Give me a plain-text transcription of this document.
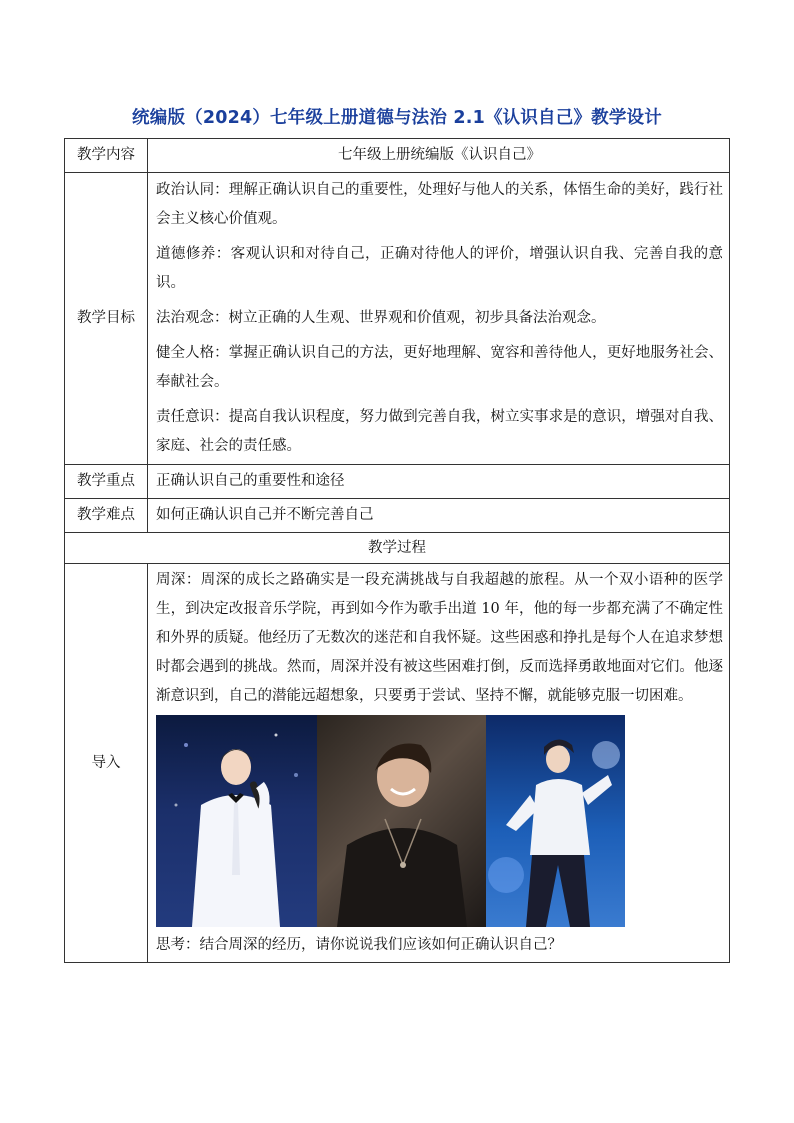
统编版（2024）七年级上册道德与法治 2.1《认识自己》教学设计
教学内容	七年级上册统编版《认识自己》
教学目标	政治认同：理解正确认识自己的重要性，处理好与他人的关系，体悟生命的美好，践行社会主义核心价值观。
道德修养：客观认识和对待自己，正确对待他人的评价，增强认识自我、完善自我的意识。
法治观念：树立正确的人生观、世界观和价值观，初步具备法治观念。
健全人格：掌握正确认识自己的方法，更好地理解、宽容和善待他人，更好地服务社会、奉献社会。
责任意识：提高自我认识程度，努力做到完善自我，树立实事求是的意识，增强对自我、家庭、社会的责任感。

教学重点	正确认识自己的重要性和途径
教学难点	如何正确认识自己并不断完善自己
教学过程	
导入	周深：周深的成长之路确实是一段充满挑战与自我超越的旅程。从一个双小语种的医学生，到决定改报音乐学院，再到如今作为歌手出道 10 年，他的每一步都充满了不确定性和外界的质疑。他经历了无数次的迷茫和自我怀疑。这些困惑和挣扎是每个人在追求梦想时都会遇到的挑战。然而，周深并没有被这些困难打倒，反而选择勇敢地面对它们。他逐渐意识到，自己的潜能远超想象，只要勇于尝试、坚持不懈，就能够克服一切困难。
思考：结合周深的经历，请你说说我们应该如何正确认识自己？
